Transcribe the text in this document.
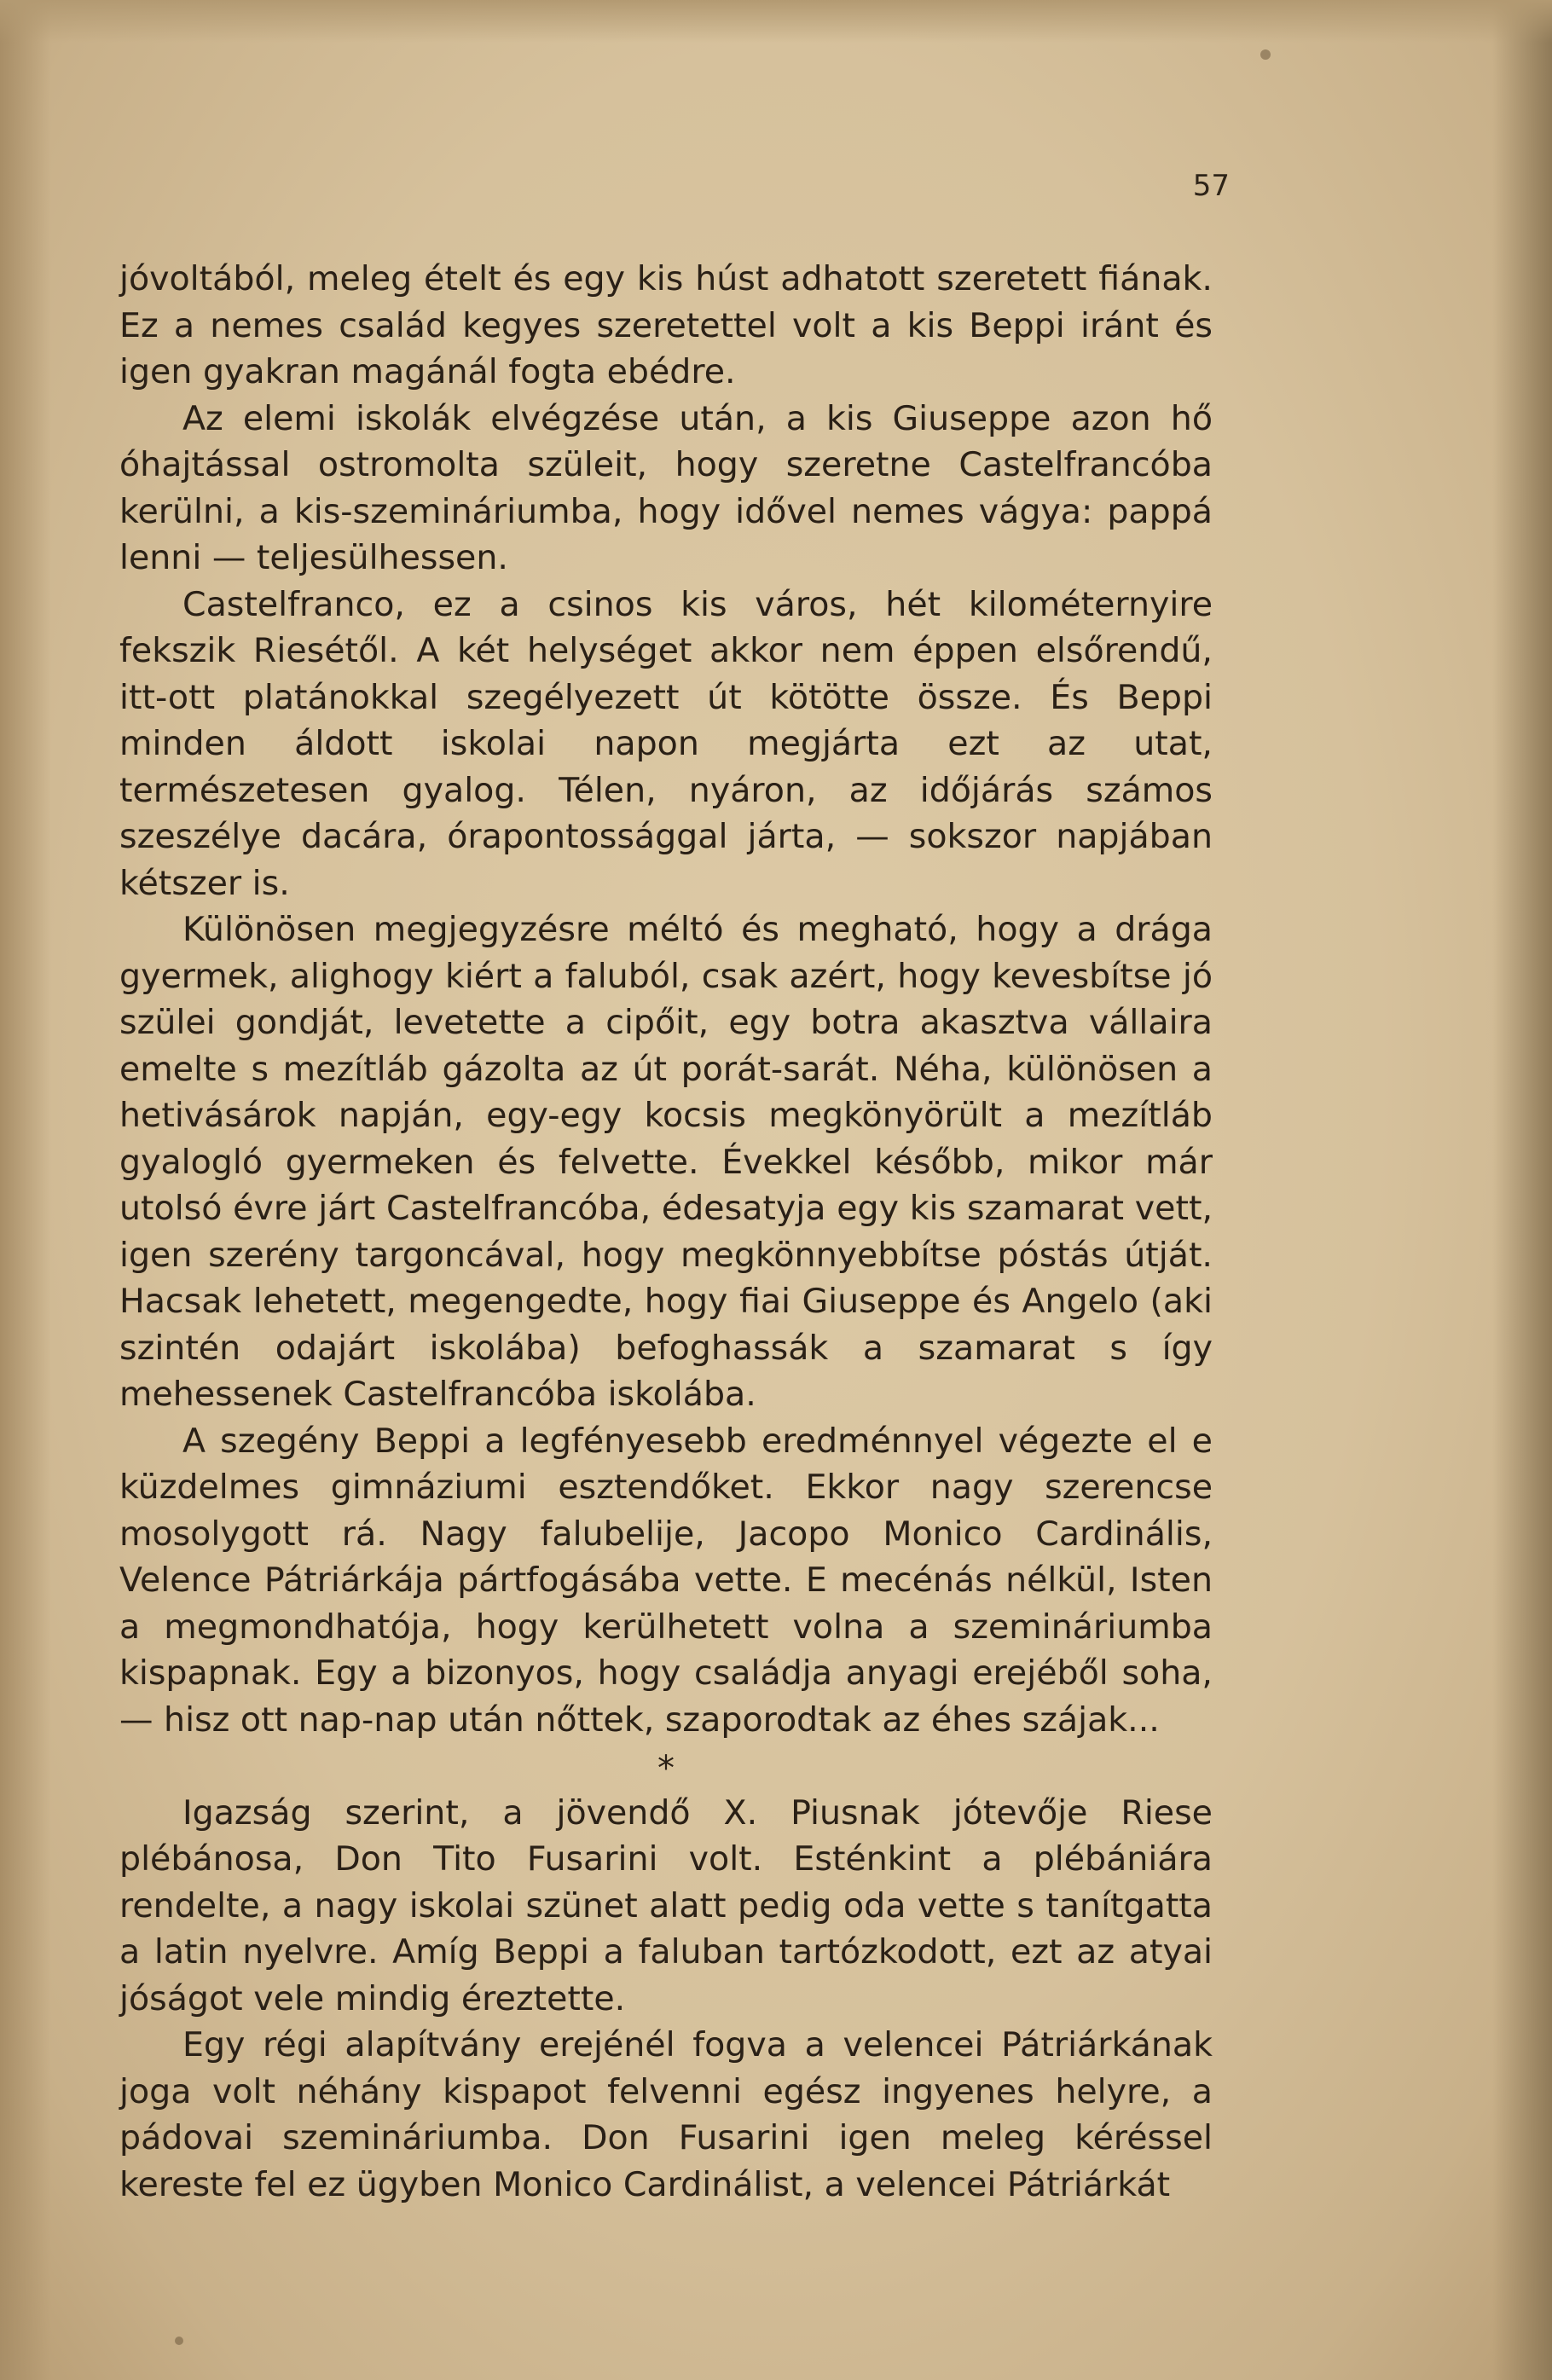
57

jóvoltából, meleg ételt és egy kis húst adhatott szeretett fiának. Ez a nemes család kegyes szeretettel volt a kis Beppi iránt és igen gyakran magánál fogta ebédre.

Az elemi iskolák elvégzése után, a kis Giuseppe azon hő óhajtással ostromolta szüleit, hogy szeretne Castelfrancóba kerülni, a kis-szemináriumba, hogy idővel nemes vágya: pappá lenni — teljesülhessen.

Castelfranco, ez a csinos kis város, hét kilométernyire fekszik Riesétől. A két helységet akkor nem éppen elsőrendű, itt-ott platánokkal szegélyezett út kötötte össze. És Beppi minden áldott iskolai napon megjárta ezt az utat, természetesen gyalog. Télen, nyáron, az időjárás számos szeszélye dacára, órapontossággal járta, — sokszor napjában kétszer is.

Különösen megjegyzésre méltó és megható, hogy a drága gyermek, alighogy kiért a faluból, csak azért, hogy kevesbítse jó szülei gondját, levetette a cipőit, egy botra akasztva vállaira emelte s mezítláb gázolta az út porát-sarát. Néha, különösen a hetivásárok napján, egy-egy kocsis megkönyörült a mezítláb gyalogló gyermeken és felvette. Évekkel később, mikor már utolsó évre járt Castelfrancóba, édesatyja egy kis szamarat vett, igen szerény targoncával, hogy megkönnyebbítse póstás útját. Hacsak lehetett, megengedte, hogy fiai Giuseppe és Angelo (aki szintén odajárt iskolába) befoghassák a szamarat s így mehessenek Castelfrancóba iskolába.

A szegény Beppi a legfényesebb eredménnyel végezte el e küzdelmes gimnáziumi esztendőket. Ekkor nagy szerencse mosolygott rá. Nagy falubelije, Jacopo Monico Cardinális, Velence Pátriárkája pártfogásába vette. E mecénás nélkül, Isten a megmondhatója, hogy kerülhetett volna a szemináriumba kispapnak. Egy a bizonyos, hogy családja anyagi erejéből soha, — hisz ott nap-nap után nőttek, szaporodtak az éhes szájak...

*

Igazság szerint, a jövendő X. Piusnak jótevője Riese plébánosa, Don Tito Fusarini volt. Esténkint a plébániára rendelte, a nagy iskolai szünet alatt pedig oda vette s tanítgatta a latin nyelvre. Amíg Beppi a faluban tartózkodott, ezt az atyai jóságot vele mindig éreztette.

Egy régi alapítvány erejénél fogva a velencei Pátriárkának joga volt néhány kispapot felvenni egész ingyenes helyre, a pádovai szemináriumba. Don Fusarini igen meleg kéréssel kereste fel ez ügyben Monico Cardinálist, a velencei Pátriárkát
